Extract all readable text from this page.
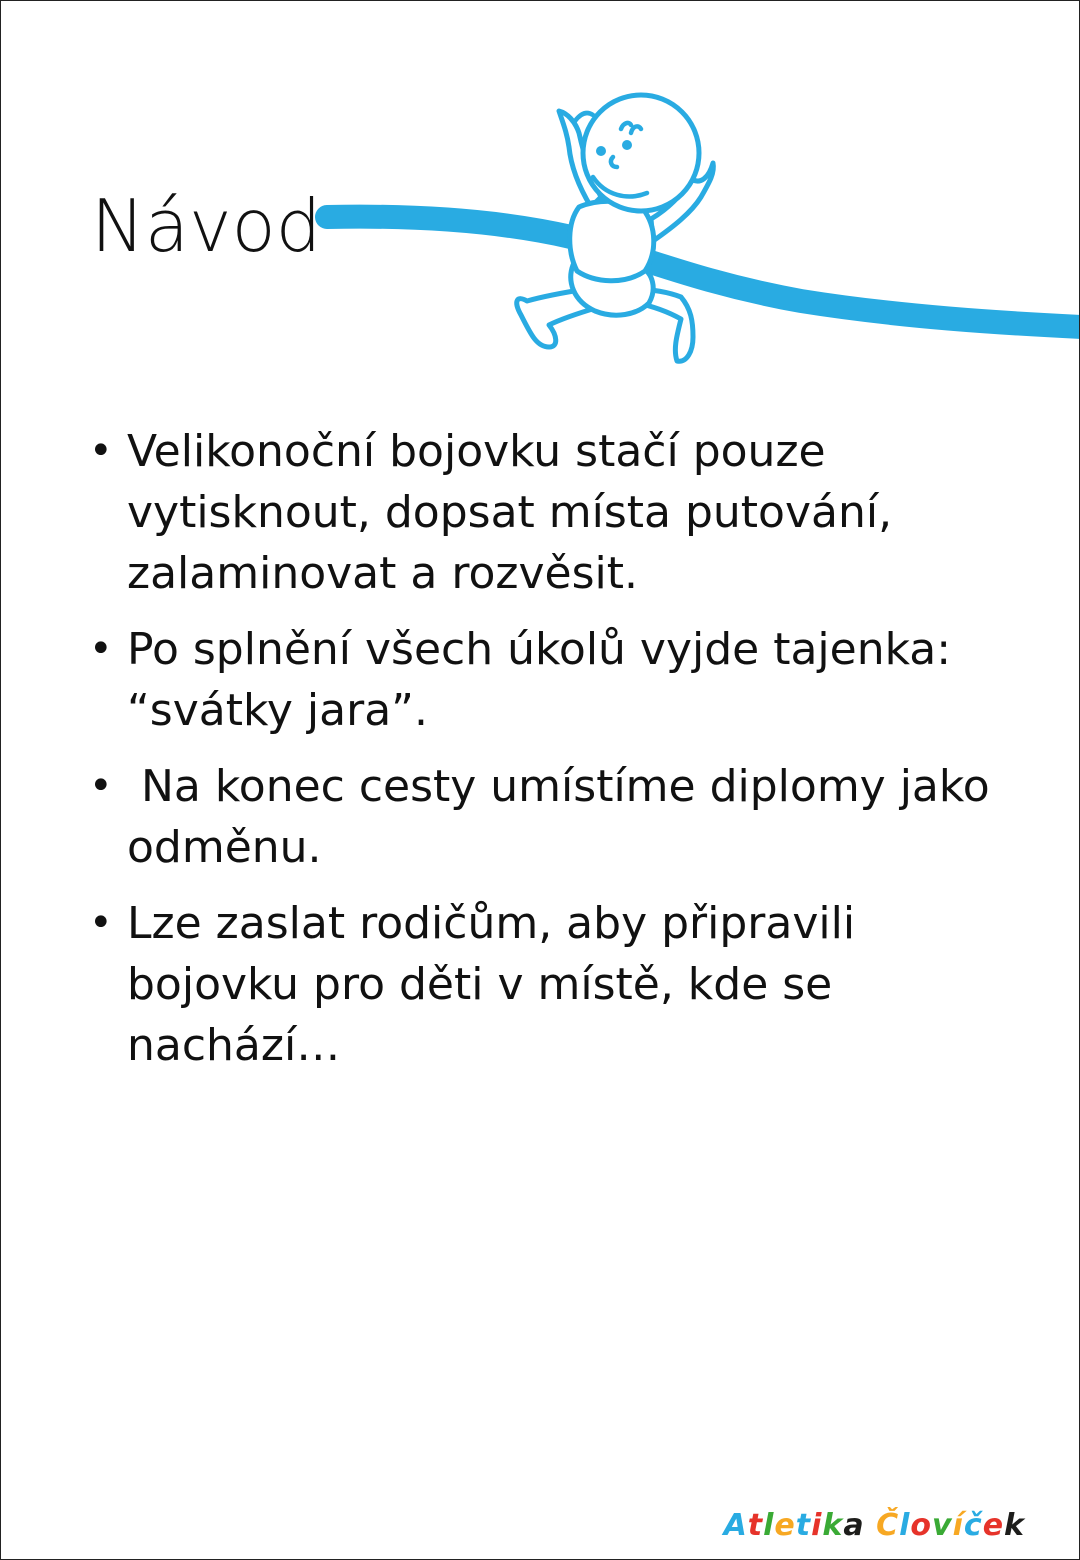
Návod
• Velikonoční bojovku stačí pouze vytisknout, dopsat místa putování, zalaminovat a rozvěsit.
• Po splnění všech úkolů vyjde tajenka: “svátky jara”.
• Na konec cesty umístíme diplomy jako odměnu.
• Lze zaslat rodičům, aby připravili bojovku pro děti v místě, kde se nachází…
Atletika Človíček
